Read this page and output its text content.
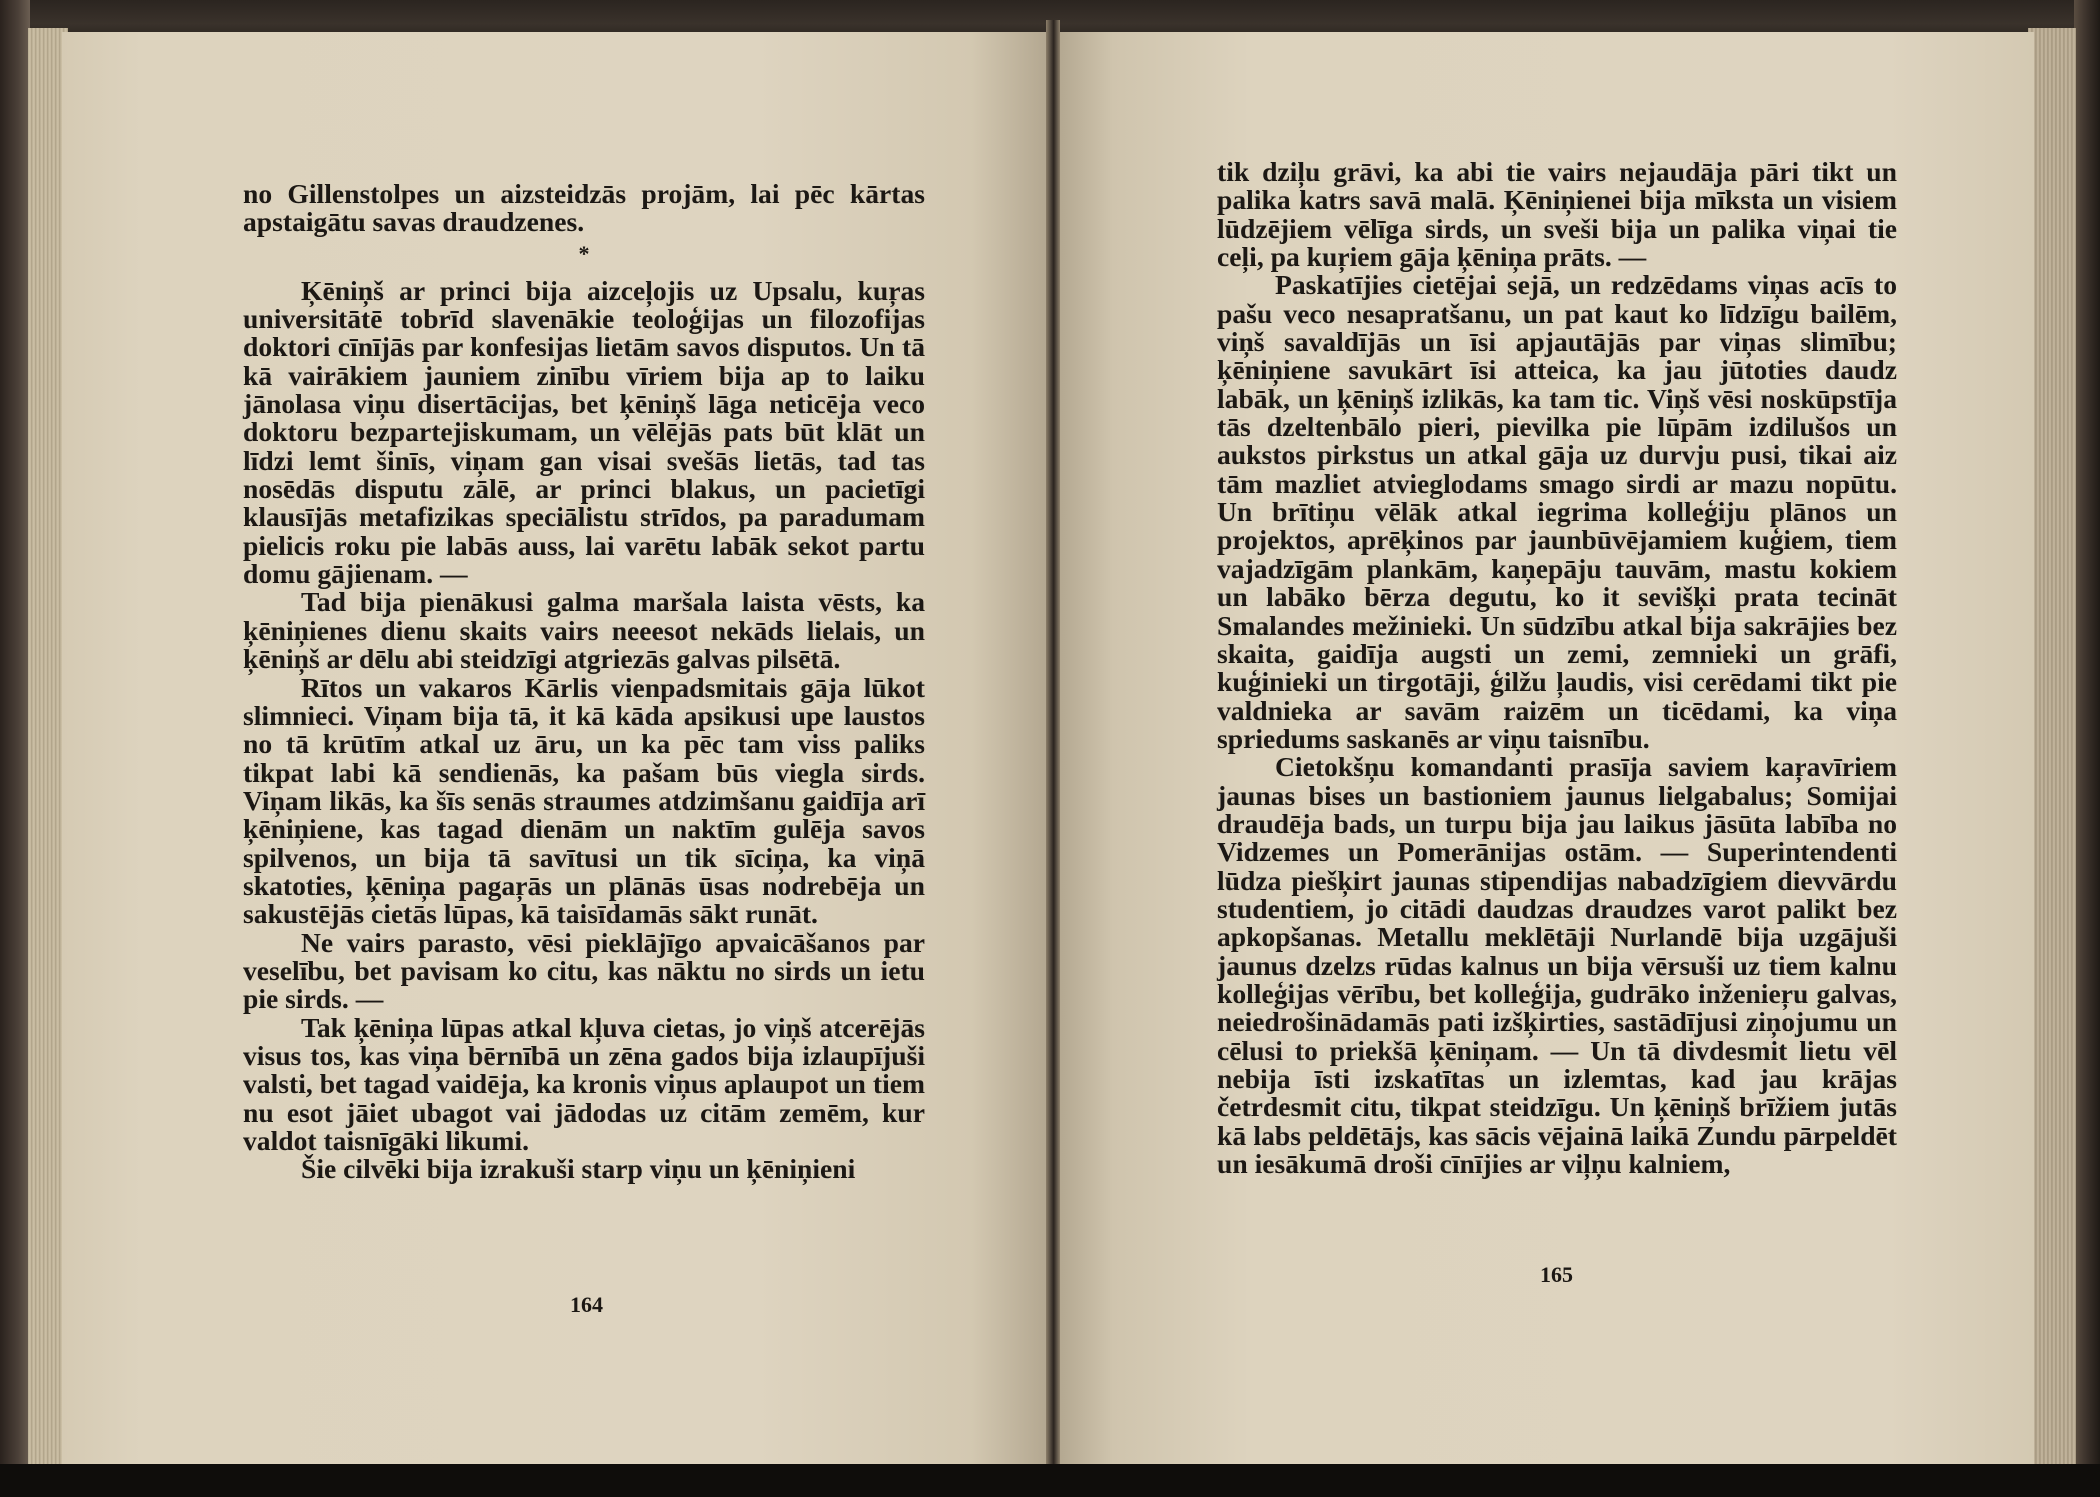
no Gillenstolpes un aizsteidzās projām, lai pēc kārtas apstaigātu savas draudzenes.

*

Ķēniņš ar princi bija aizceļojis uz Upsalu, kuŗas universitātē tobrīd slavenākie teoloģijas un filozofijas doktori cīnījās par konfesijas lietām savos disputos. Un tā kā vairākiem jauniem zinību vīriem bija ap to laiku jānolasa viņu disertācijas, bet ķēniņš lāga neticēja veco doktoru bezpartejiskumam, un vēlējās pats būt klāt un līdzi lemt šinīs, viņam gan visai svešās lietās, tad tas nosēdās disputu zālē, ar princi blakus, un pacietīgi klausījās metafizikas speciālistu strīdos, pa paradumam pielicis roku pie labās auss, lai varētu labāk sekot partu domu gājienam. —

Tad bija pienākusi galma maršala laista vēsts, ka ķēniņienes dienu skaits vairs neeesot nekāds lielais, un ķēniņš ar dēlu abi steidzīgi atgriezās galvas pilsētā.

Rītos un vakaros Kārlis vienpadsmitais gāja lūkot slimnieci. Viņam bija tā, it kā kāda apsikusi upe laustos no tā krūtīm atkal uz āru, un ka pēc tam viss paliks tikpat labi kā sendienās, ka pašam būs viegla sirds. Viņam likās, ka šīs senās straumes atdzimšanu gaidīja arī ķēniņiene, kas tagad dienām un naktīm gulēja savos spilvenos, un bija tā savītusi un tik sīciņa, ka viņā skatoties, ķēniņa pagaŗās un plānās ūsas nodrebēja un sakustējās cietās lūpas, kā taisīdamās sākt runāt.

Ne vairs parasto, vēsi pieklājīgo apvaicāšanos par veselību, bet pavisam ko citu, kas nāktu no sirds un ietu pie sirds. —

Tak ķēniņa lūpas atkal kļuva cietas, jo viņš atcerējās visus tos, kas viņa bērnībā un zēna gados bija izlaupījuši valsti, bet tagad vaidēja, ka kronis viņus aplaupot un tiem nu esot jāiet ubagot vai jādodas uz citām zemēm, kur valdot taisnīgāki likumi.

Šie cilvēki bija izrakuši starp viņu un ķēniņieni

164

tik dziļu grāvi, ka abi tie vairs nejaudāja pāri tikt un palika katrs savā malā. Ķēniņienei bija mīksta un visiem lūdzējiem vēlīga sirds, un sveši bija un palika viņai tie ceļi, pa kuŗiem gāja ķēniņa prāts. —

Paskatījies cietējai sejā, un redzēdams viņas acīs to pašu veco nesapratšanu, un pat kaut ko līdzīgu bailēm, viņš savaldījās un īsi apjautājās par viņas slimību; ķēniņiene savukārt īsi atteica, ka jau jūtoties daudz labāk, un ķēniņš izlikās, ka tam tic. Viņš vēsi noskūpstīja tās dzeltenbālo pieri, pievilka pie lūpām izdilušos un aukstos pirkstus un atkal gāja uz durvju pusi, tikai aiz tām mazliet atvieglodams smago sirdi ar mazu nopūtu. Un brītiņu vēlāk atkal iegrima kolleģiju plānos un projektos, aprēķinos par jaunbūvējamiem kuģiem, tiem vajadzīgām plankām, kaņepāju tauvām, mastu kokiem un labāko bērza degutu, ko it sevišķi prata tecināt Smalandes mežinieki. Un sūdzību atkal bija sakrājies bez skaita, gaidīja augsti un zemi, zemnieki un grāfi, kuģinieki un tirgotāji, ģilžu ļaudis, visi cerēdami tikt pie valdnieka ar savām raizēm un ticēdami, ka viņa spriedums saskanēs ar viņu taisnību.

Cietokšņu komandanti prasīja saviem kaŗavīriem jaunas bises un bastioniem jaunus lielgabalus; Somijai draudēja bads, un turpu bija jau laikus jāsūta labība no Vidzemes un Pomerānijas ostām. — Superintendenti lūdza piešķirt jaunas stipendijas nabadzīgiem dievvārdu studentiem, jo citādi daudzas draudzes varot palikt bez apkopšanas. Metallu meklētāji Nurlandē bija uzgājuši jaunus dzelzs rūdas kalnus un bija vērsuši uz tiem kalnu kolleģijas vērību, bet kolleģija, gudrāko inženieŗu galvas, neiedrošinādamās pati izšķirties, sastādījusi ziņojumu un cēlusi to priekšā ķēniņam. — Un tā divdesmit lietu vēl nebija īsti izskatītas un izlemtas, kad jau krājas četrdesmit citu, tikpat steidzīgu. Un ķēniņš brīžiem jutās kā labs peldētājs, kas sācis vējainā laikā Zundu pārpeldēt un iesākumā droši cīnījies ar viļņu kalniem,

165
